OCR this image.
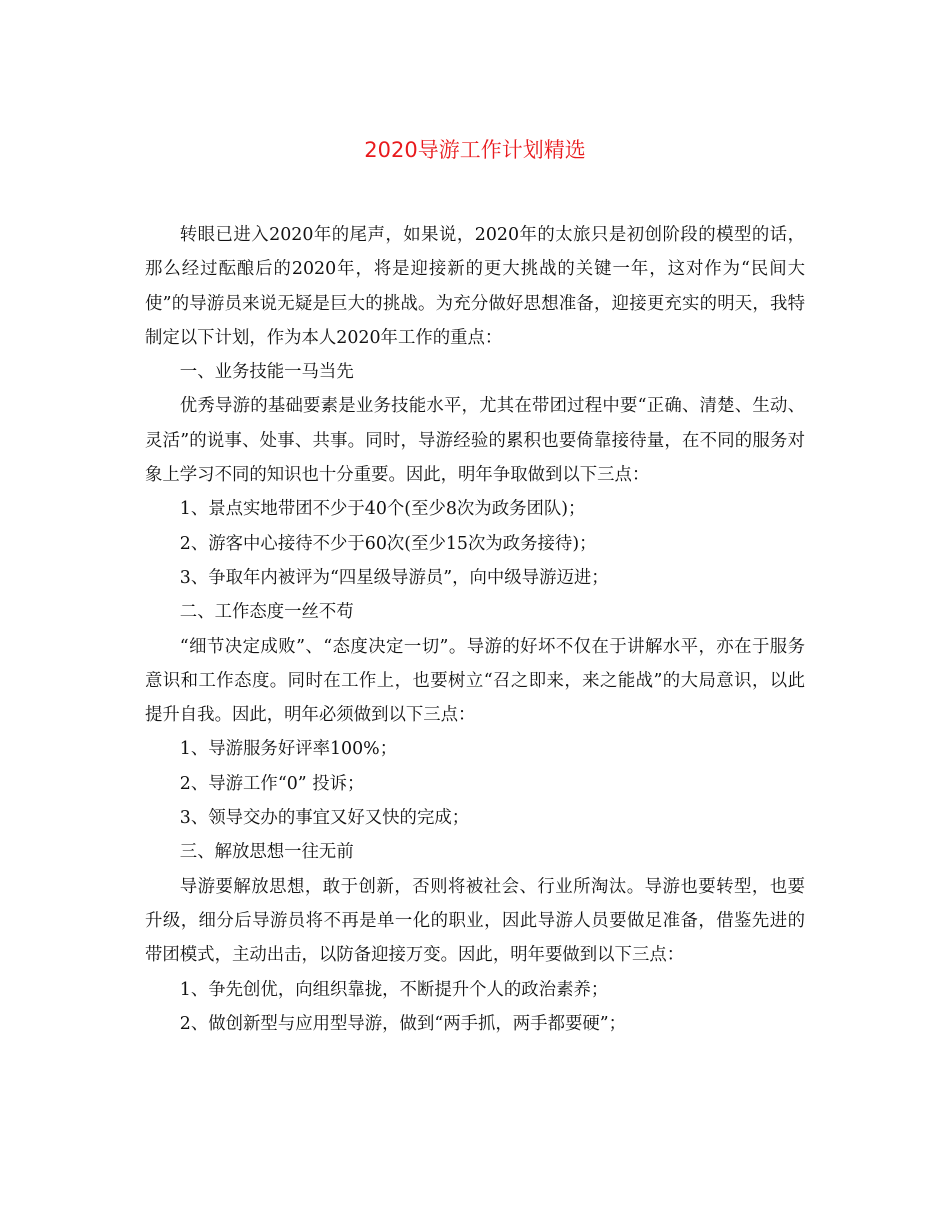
2020导游工作计划精选

转眼已进入2020年的尾声，如果说，2020年的太旅只是初创阶段的模型的话，那么经过酝酿后的2020年，将是迎接新的更大挑战的关键一年，这对作为“民间大使”的导游员来说无疑是巨大的挑战。为充分做好思想准备，迎接更充实的明天，我特制定以下计划，作为本人2020年工作的重点：

一、业务技能一马当先

优秀导游的基础要素是业务技能水平，尤其在带团过程中要“正确、清楚、生动、灵活”的说事、处事、共事。同时，导游经验的累积也要倚靠接待量，在不同的服务对象上学习不同的知识也十分重要。因此，明年争取做到以下三点：

1、景点实地带团不少于40个(至少8次为政务团队)；

2、游客中心接待不少于60次(至少15次为政务接待)；

3、争取年内被评为“四星级导游员”，向中级导游迈进；

二、工作态度一丝不苟

“细节决定成败”、“态度决定一切”。导游的好坏不仅在于讲解水平，亦在于服务意识和工作态度。同时在工作上，也要树立“召之即来，来之能战”的大局意识，以此提升自我。因此，明年必须做到以下三点：

1、导游服务好评率100%；

2、导游工作“0” 投诉；

3、领导交办的事宜又好又快的完成；

三、解放思想一往无前

导游要解放思想，敢于创新，否则将被社会、行业所淘汰。导游也要转型，也要升级，细分后导游员将不再是单一化的职业，因此导游人员要做足准备，借鉴先进的带团模式，主动出击，以防备迎接万变。因此，明年要做到以下三点：

1、争先创优，向组织靠拢，不断提升个人的政治素养；

2、做创新型与应用型导游，做到“两手抓，两手都要硬”；
